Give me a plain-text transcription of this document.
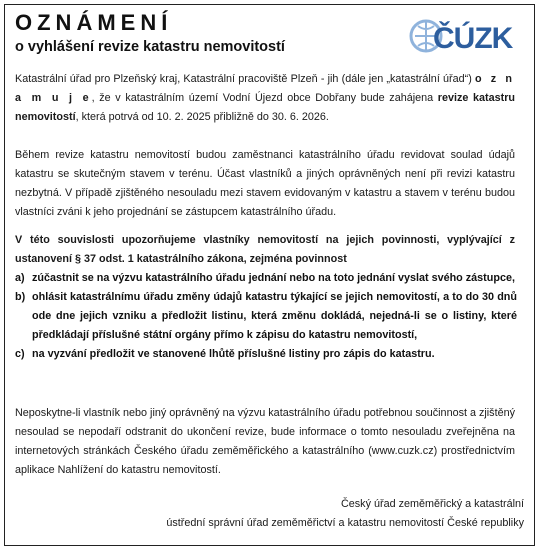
OZNÁMENÍ
o vyhlášení revize katastru nemovitostí	ČÚZK
Katastrální úřad pro Plzeňský kraj, Katastrální pracoviště Plzeň - jih (dále jen „katastrální úřad“) o z n a m u j e, že v katastrálním území Vodní Újezd obce Dobřany bude zahájena revize katastru nemovitostí, která potrvá od 10. 2. 2025 přibližně do 30. 6. 2026.
Během revize katastru nemovitostí budou zaměstnanci katastrálního úřadu revidovat soulad údajů katastru se skutečným stavem v terénu. Účast vlastníků a jiných oprávněných není při revizi katastru nezbytná. V případě zjištěného nesouladu mezi stavem evidovaným v katastru a stavem v terénu budou vlastníci zváni k jeho projednání se zástupcem katastrálního úřadu.
V této souvislosti upozorňujeme vlastníky nemovitostí na jejich povinnosti, vyplývající z ustanovení § 37 odst. 1 katastrálního zákona, zejména povinnost
a) zúčastnit se na výzvu katastrálního úřadu jednání nebo na toto jednání vyslat svého zástupce,
b) ohlásit katastrálnímu úřadu změny údajů katastru týkající se jejich nemovitostí, a to do 30 dnů ode dne jejich vzniku a předložit listinu, která změnu dokládá, nejedná-li se o listiny, které předkládají příslušné státní orgány přímo k zápisu do katastru nemovitostí,
c) na vyzvání předložit ve stanovené lhůtě příslušné listiny pro zápis do katastru.
Neposkytne-li vlastník nebo jiný oprávněný na výzvu katastrálního úřadu potřebnou součinnost a zjištěný nesoulad se nepodaří odstranit do ukončení revize, bude informace o tomto nesouladu zveřejněna na internetových stránkách Českého úřadu zeměměřického a katastrálního (www.cuzk.cz) prostřednictvím aplikace Nahlížení do katastru nemovitostí.
Český úřad zeměměřický a katastrální
ústřední správní úřad zeměměřictví a katastru nemovitostí České republiky
